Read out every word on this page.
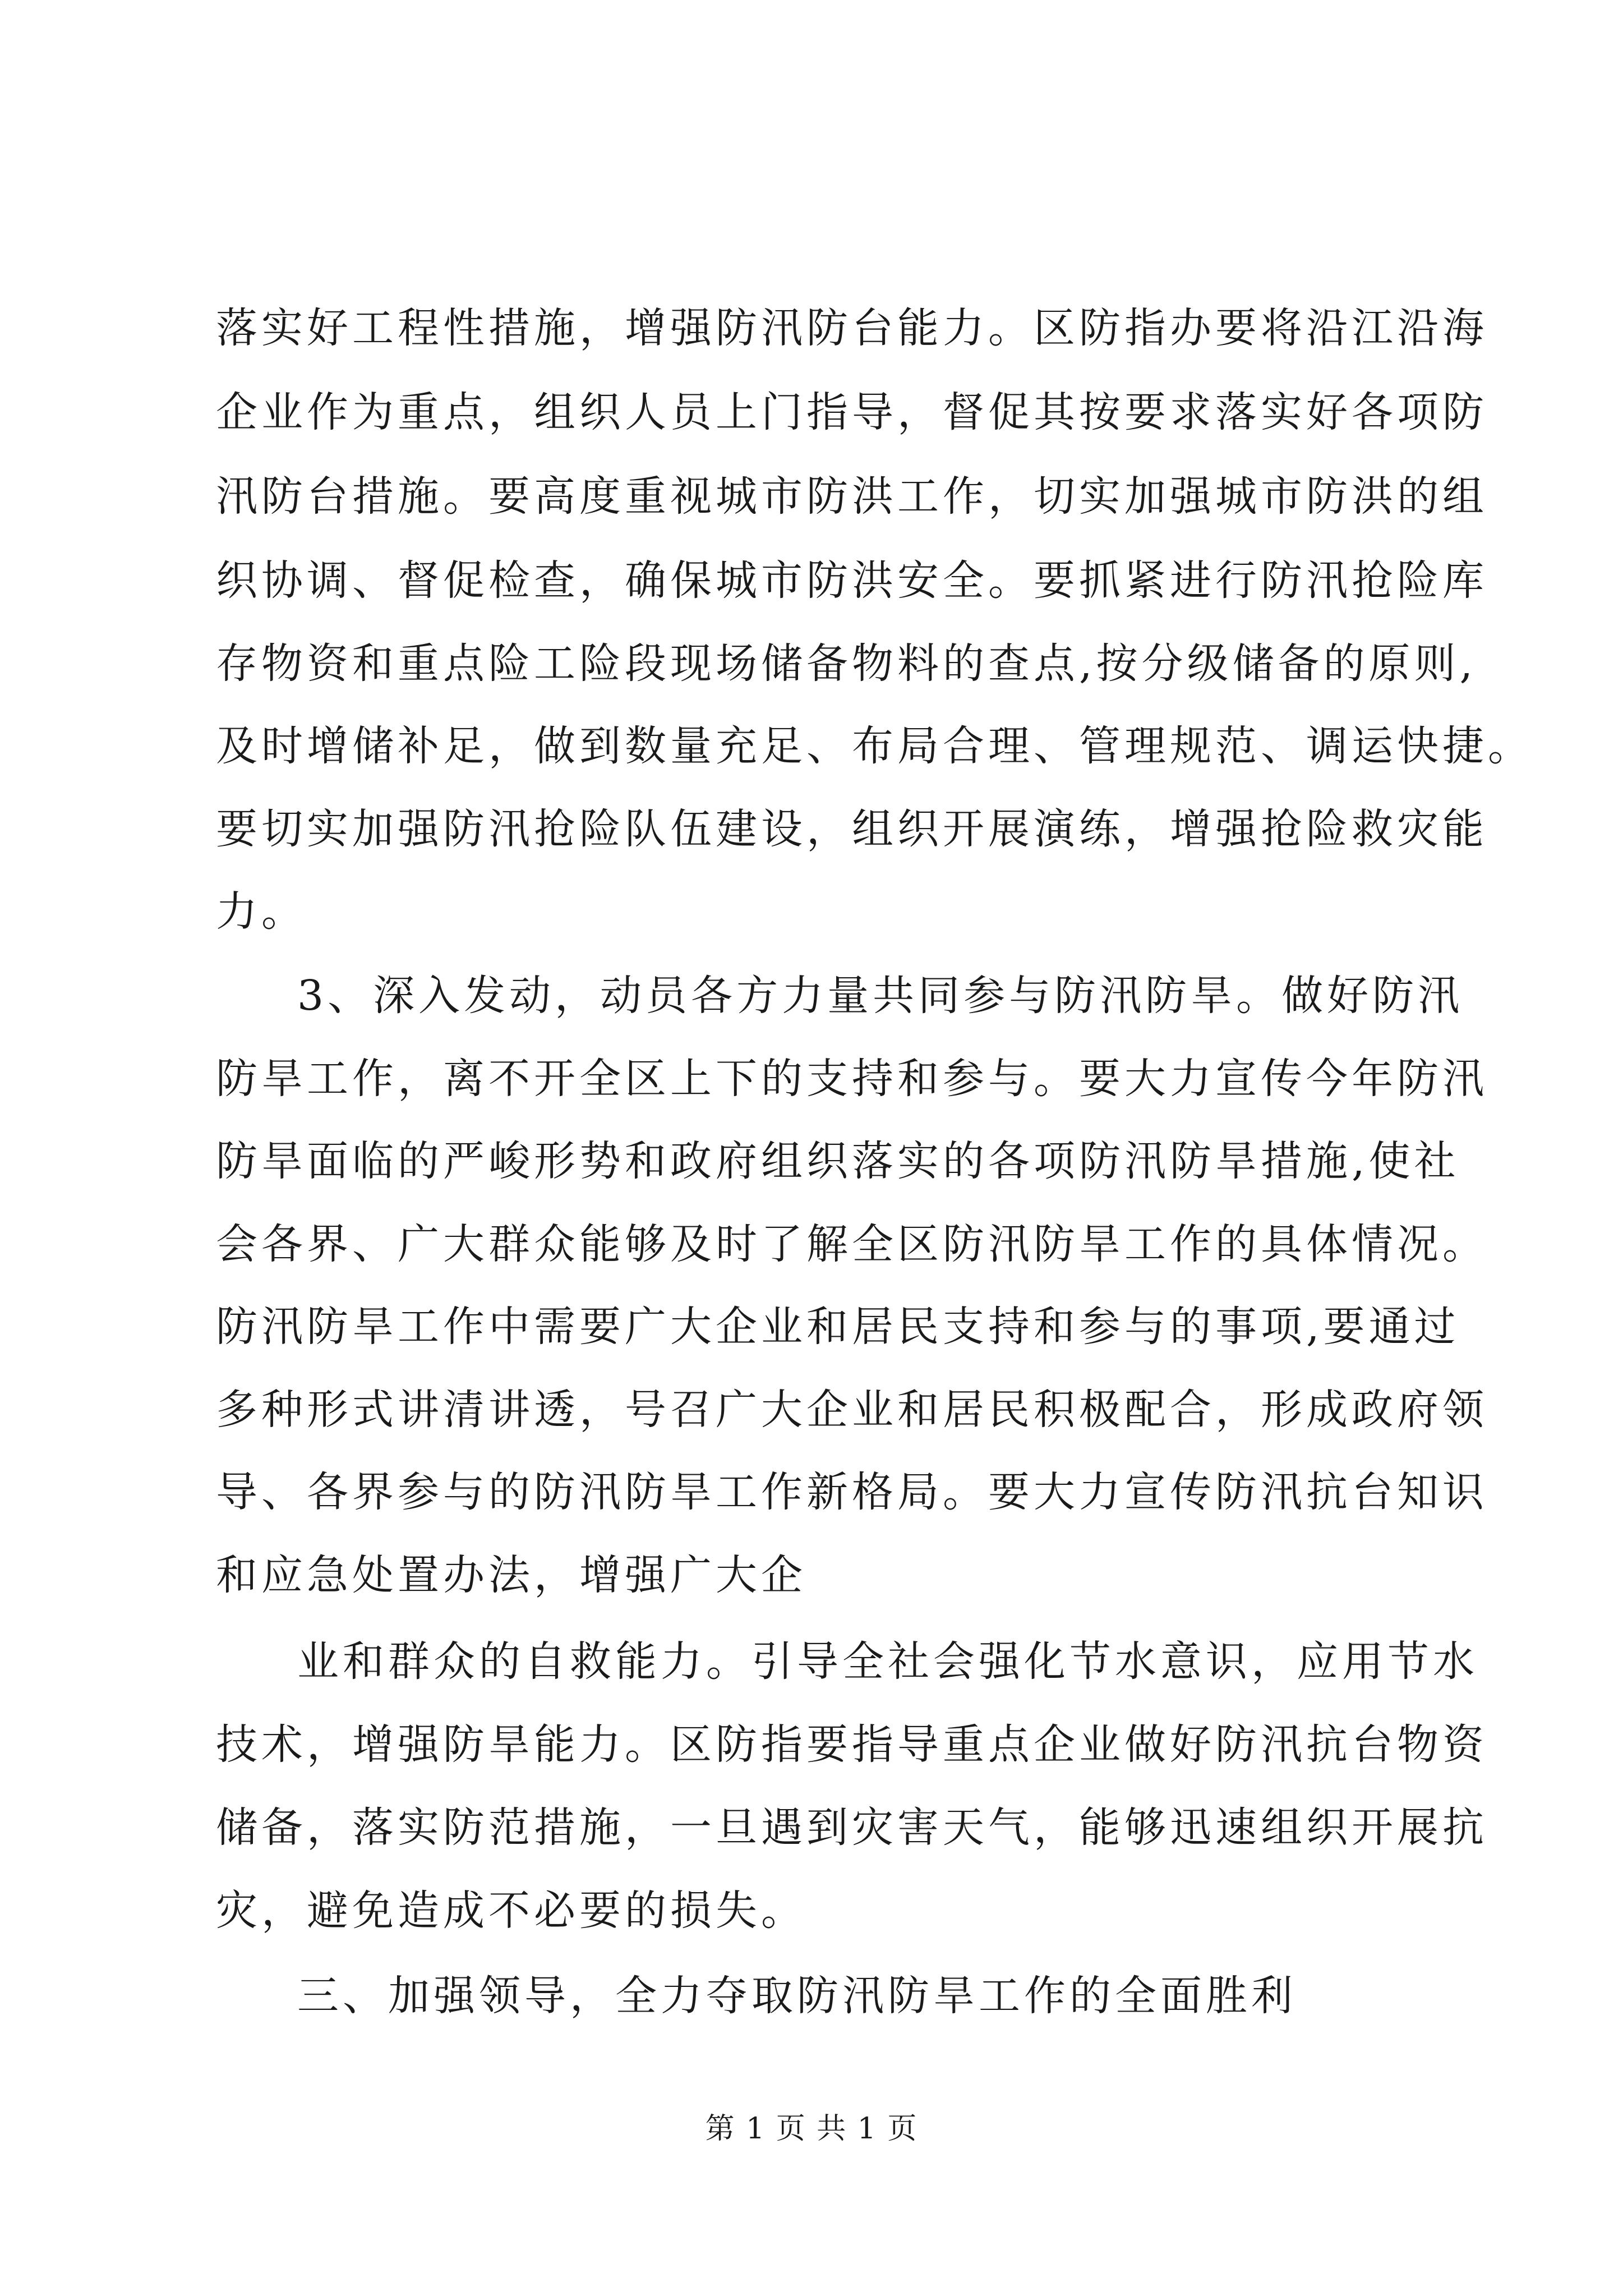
落实好工程性措施，增强防汛防台能力。区防指办要将沿江沿海
企业作为重点，组织人员上门指导，督促其按要求落实好各项防
汛防台措施。要高度重视城市防洪工作，切实加强城市防洪的组
织协调、督促检查，确保城市防洪安全。要抓紧进行防汛抢险库
存物资和重点险工险段现场储备物料的查点,按分级储备的原则,
及时增储补足，做到数量充足、布局合理、管理规范、调运快捷。
要切实加强防汛抢险队伍建设，组织开展演练，增强抢险救灾能
力。
3、深入发动，动员各方力量共同参与防汛防旱。做好防汛
防旱工作，离不开全区上下的支持和参与。要大力宣传今年防汛
防旱面临的严峻形势和政府组织落实的各项防汛防旱措施,使社
会各界、广大群众能够及时了解全区防汛防旱工作的具体情况。
防汛防旱工作中需要广大企业和居民支持和参与的事项,要通过
多种形式讲清讲透，号召广大企业和居民积极配合，形成政府领
导、各界参与的防汛防旱工作新格局。要大力宣传防汛抗台知识
和应急处置办法，增强广大企
业和群众的自救能力。引导全社会强化节水意识，应用节水
技术，增强防旱能力。区防指要指导重点企业做好防汛抗台物资
储备，落实防范措施，一旦遇到灾害天气，能够迅速组织开展抗
灾，避免造成不必要的损失。
三、加强领导，全力夺取防汛防旱工作的全面胜利
第 1 页 共 1 页
